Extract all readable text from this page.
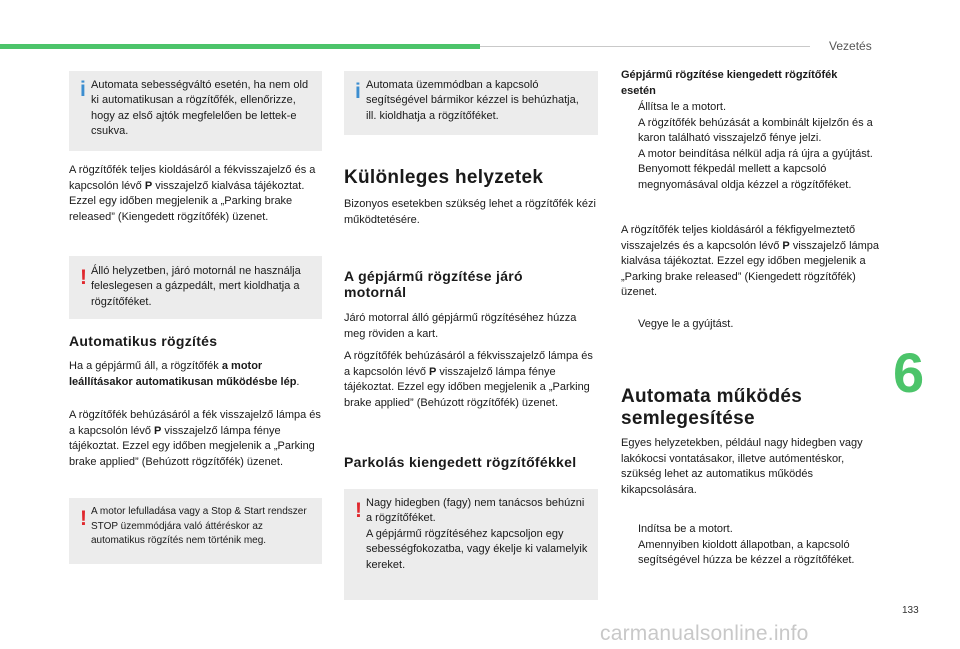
Vezetés
6
133
carmanualsonline.info
i Automata sebességváltó esetén, ha nem old ki automatikusan a rögzítőfék, ellenőrizze, hogy az első ajtók megfelelően be lettek-e csukva.
A rögzítőfék teljes kioldásáról a fékvisszajelző és a kapcsolón lévő P visszajelző kialvása tájékoztat. Ezzel egy időben megjelenik a „Parking brake released” (Kiengedett rögzítőfék) üzenet.
! Álló helyzetben, járó motornál ne használja feleslegesen a gázpedált, mert kioldhatja a rögzítőféket.
Automatikus rögzítés
Ha a gépjármű áll, a rögzítőfék a motor leállításakor automatikusan működésbe lép.
A rögzítőfék behúzásáról a fék visszajelző lámpa és a kapcsolón lévő P visszajelző lámpa fénye tájékoztat. Ezzel egy időben megjelenik a „Parking brake applied” (Behúzott rögzítőfék) üzenet.
! A motor lefulladása vagy a Stop & Start rendszer STOP üzemmódjára való áttéréskor az automatikus rögzítés nem történik meg.
i Automata üzemmódban a kapcsoló segítségével bármikor kézzel is behúzhatja, ill. kioldhatja a rögzítőféket.
Különleges helyzetek
Bizonyos esetekben szükség lehet a rögzítőfék kézi működtetésére.
A gépjármű rögzítése járó motornál
Járó motorral álló gépjármű rögzítéséhez húzza meg röviden a kart.
A rögzítőfék behúzásáról a fékvisszajelző lámpa és a kapcsolón lévő P visszajelző lámpa fénye tájékoztat. Ezzel egy időben megjelenik a „Parking brake applied” (Behúzott rögzítőfék) üzenet.
Parkolás kiengedett rögzítőfékkel
! Nagy hidegben (fagy) nem tanácsos behúzni a rögzítőféket.
A gépjármű rögzítéséhez kapcsoljon egy sebességfokozatba, vagy ékelje ki valamelyik kereket.
Gépjármű rögzítése kiengedett rögzítőfék esetén
Állítsa le a motort.
A rögzítőfék behúzását a kombinált kijelzőn és a karon található visszajelző fénye jelzi.
A motor beindítása nélkül adja rá újra a gyújtást.
Benyomott fékpedál mellett a kapcsoló megnyomásával oldja kézzel a rögzítőféket.
A rögzítőfék teljes kioldásáról a fékfigyelmeztető visszajelzés és a kapcsolón lévő P visszajelző lámpa kialvása tájékoztat. Ezzel egy időben megjelenik a „Parking brake released” (Kiengedett rögzítőfék) üzenet.
Vegye le a gyújtást.
Automata működés semlegesítése
Egyes helyzetekben, például nagy hidegben vagy lakókocsi vontatásakor, illetve autómentéskor, szükség lehet az automatikus működés kikapcsolására.
Indítsa be a motort.
Amennyiben kioldott állapotban, a kapcsoló segítségével húzza be kézzel a rögzítőféket.
